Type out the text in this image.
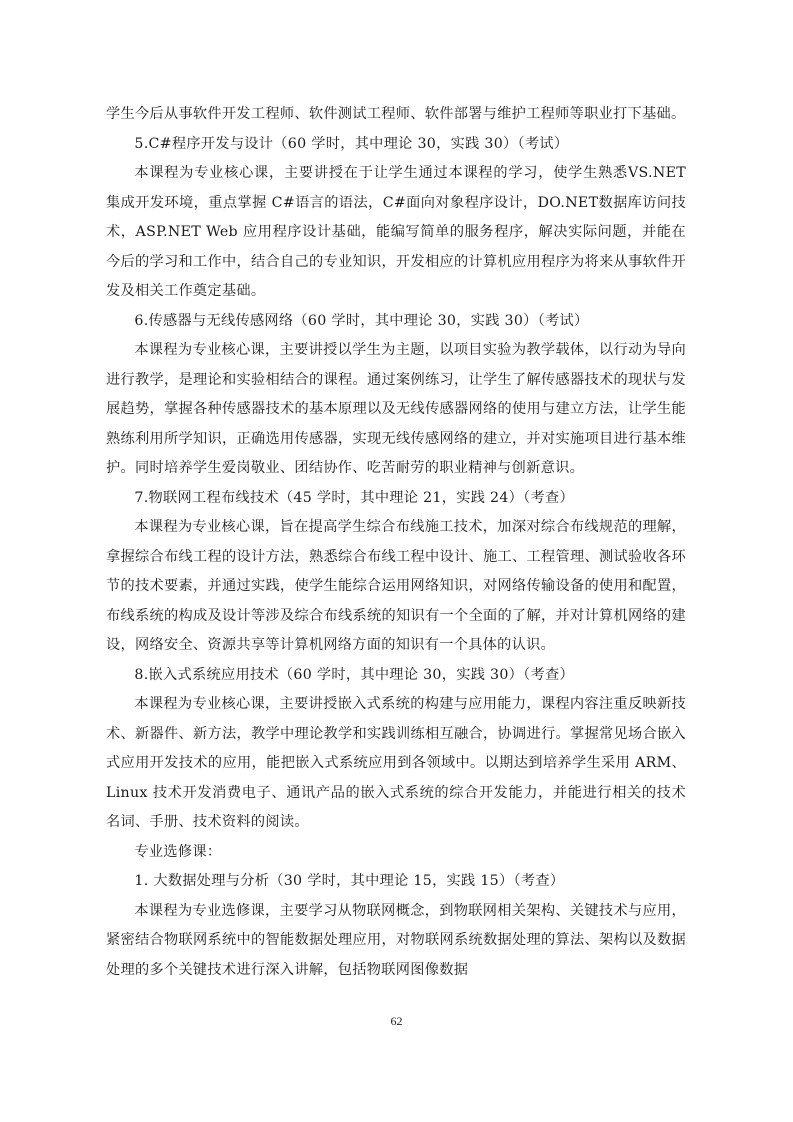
学生今后从事软件开发工程师、软件测试工程师、软件部署与维护工程师等职业打下基础。

5.C#程序开发与设计（60 学时，其中理论 30，实践 30）（考试）

本课程为专业核心课，主要讲授在于让学生通过本课程的学习，使学生熟悉VS.NET 集成开发环境，重点掌握 C#语言的语法，C#面向对象程序设计，DO.NET数据库访问技术，ASP.NET Web 应用程序设计基础，能编写简单的服务程序，解决实际问题，并能在今后的学习和工作中，结合自己的专业知识，开发相应的计算机应用程序为将来从事软件开发及相关工作奠定基础。

6.传感器与无线传感网络（60 学时，其中理论 30，实践 30）（考试）

本课程为专业核心课，主要讲授以学生为主题，以项目实验为教学载体，以行动为导向进行教学，是理论和实验相结合的课程。通过案例练习，让学生了解传感器技术的现状与发展趋势，掌握各种传感器技术的基本原理以及无线传感器网络的使用与建立方法，让学生能熟练利用所学知识，正确选用传感器，实现无线传感网络的建立，并对实施项目进行基本维护。同时培养学生爱岗敬业、团结协作、吃苦耐劳的职业精神与创新意识。

7.物联网工程布线技术（45 学时，其中理论 21，实践 24）（考查）

本课程为专业核心课，旨在提高学生综合布线施工技术，加深对综合布线规范的理解，拿握综合布线工程的设计方法，熟悉综合布线工程中设计、施工、工程管理、测试验收各环节的技术要素，并通过实践，使学生能综合运用网络知识，对网络传输设备的使用和配置，布线系统的构成及设计等涉及综合布线系统的知识有一个全面的了解，并对计算机网络的建设，网络安全、资源共享等计算机网络方面的知识有一个具体的认识。

8.嵌入式系统应用技术（60 学时，其中理论 30，实践 30）（考查）

本课程为专业核心课，主要讲授嵌入式系统的构建与应用能力，课程内容注重反映新技术、新器件、新方法，教学中理论教学和实践训练相互融合，协调进行。掌握常见场合嵌入式应用开发技术的应用，能把嵌入式系统应用到各领域中。以期达到培养学生采用 ARM、Linux 技术开发消费电子、通讯产品的嵌入式系统的综合开发能力，并能进行相关的技术名词、手册、技术资料的阅读。

专业选修课：

1. 大数据处理与分析（30 学时，其中理论 15，实践 15）（考查）

本课程为专业选修课，主要学习从物联网概念，到物联网相关架构、关键技术与应用，紧密结合物联网系统中的智能数据处理应用，对物联网系统数据处理的算法、架构以及数据处理的多个关键技术进行深入讲解，包括物联网图像数据

62
